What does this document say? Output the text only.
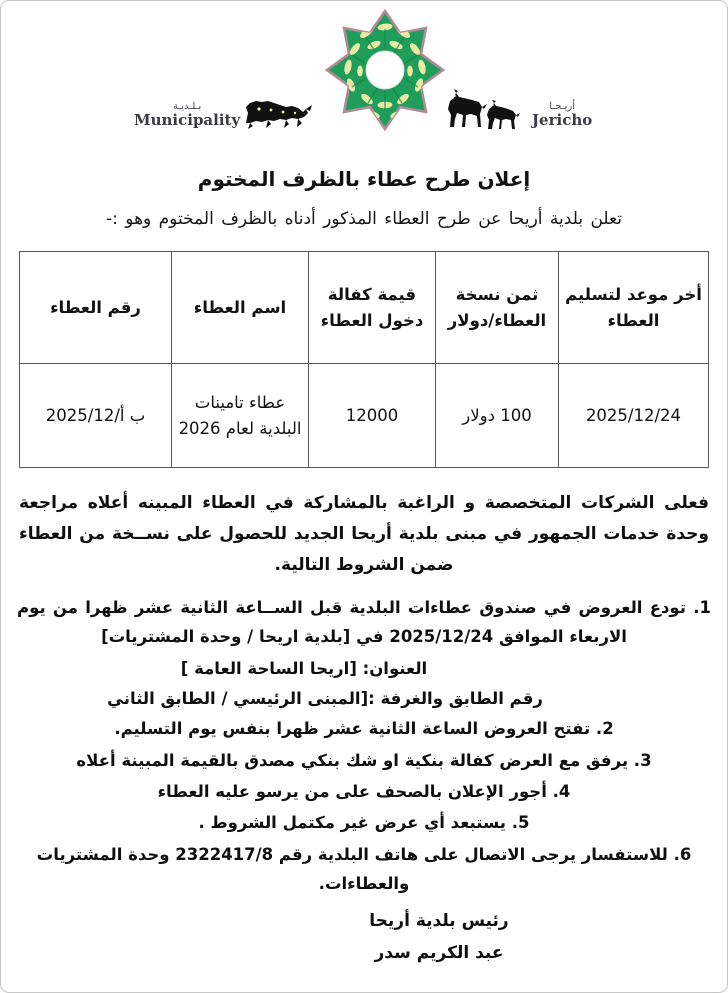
أريـحـا
Jericho
بـلـديـة
Municipality
إعلان طرح عطاء بالظرف المختوم
تعلن بلدية أريحا عن طرح العطاء المذكور أدناه بالظرف المختوم وهو :-
أخر موعد لتسليم العطاء	ثمن نسخة العطاء/دولار	قيمة كفالة دخول العطاء	اسم العطاء	رقم العطاء
2025/12/24	100 دولار	12000	عطاء تامينات البلدية لعام 2026	ب أ/2025/12

فعلى الشركات المتخصصة و الراغبة بالمشاركة في العطاء المبينه أعلاه مراجعة وحدة خدمات الجمهور في مبنى بلدية أريحا الجديد للحصول على نســخة من العطاء ضمن الشروط التالية.

1. تودع العروض في صندوق عطاءات البلدية قبل الســاعة الثانية عشر ظهرا من يوم الاربعاء الموافق 2025/12/24 في [بلدية اريحا / وحدة المشتريات]
العنوان: [اريحا الساحة العامة ]
رقم الطابق والغرفة :[المبنى الرئيسي / الطابق الثاني
2. تفتح العروض الساعة الثانية عشر ظهرا بنفس يوم التسليم.
3. يرفق مع العرض كفالة بنكية او شك بنكي مصدق بالقيمة المبينة أعلاه
4. أجور الإعلان بالصحف على من يرسو عليه العطاء
5. يستبعد أي عرض غير مكتمل الشروط .
6. للاستفسار يرجى الاتصال على هاتف البلدية رقم 2322417/8 وحدة المشتريات والعطاءات.
رئيس بلدية أريحا
عبد الكريم سدر
